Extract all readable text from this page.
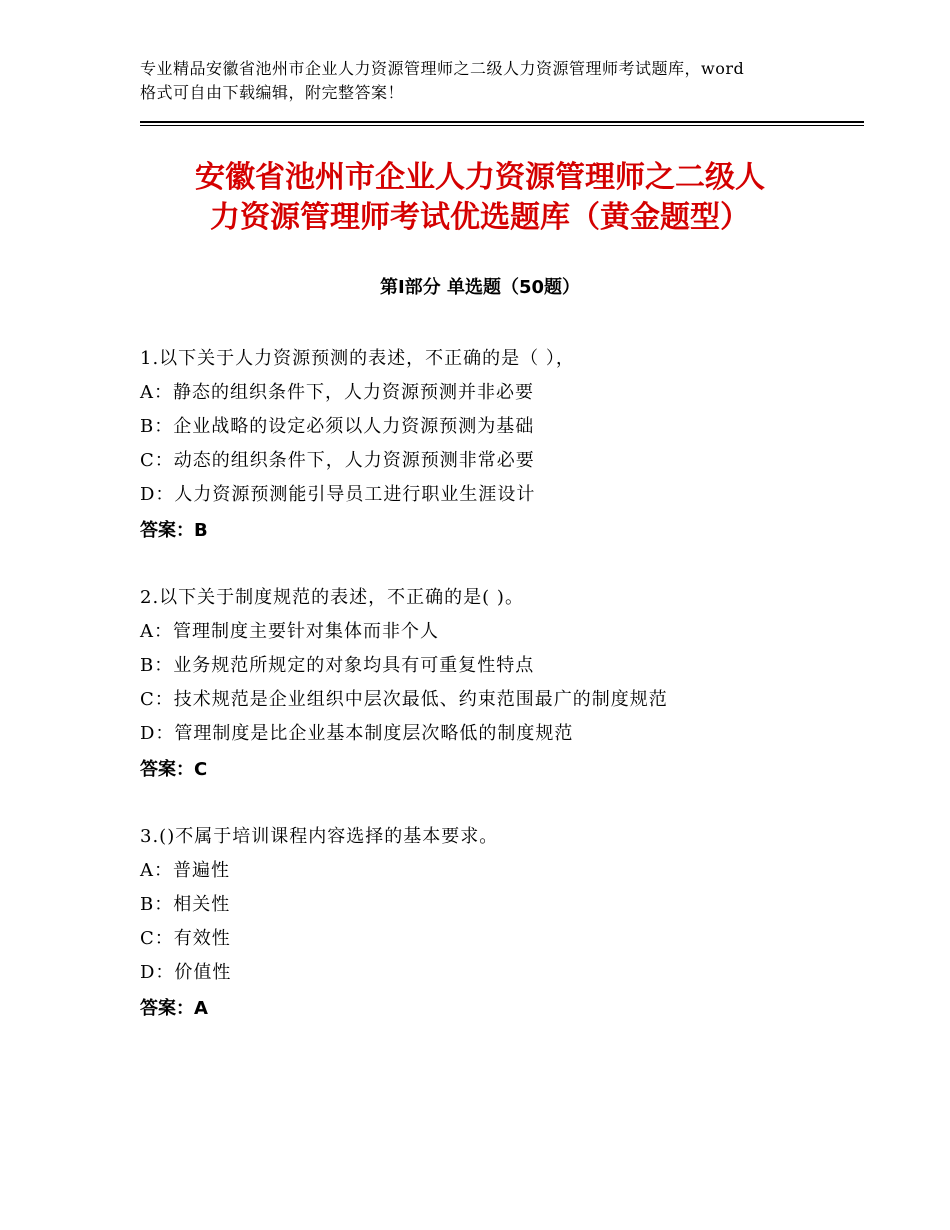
专业精品安徽省池州市企业人力资源管理师之二级人力资源管理师考试题库，word
格式可自由下载编辑，附完整答案！
安徽省池州市企业人力资源管理师之二级人
力资源管理师考试优选题库（黄金题型）
第Ⅰ部分 单选题（50题）
1.以下关于人力资源预测的表述，不正确的是（ ），
A：静态的组织条件下，人力资源预测并非必要
B：企业战略的设定必须以人力资源预测为基础
C：动态的组织条件下，人力资源预测非常必要
D：人力资源预测能引导员工进行职业生涯设计
答案：B
2.以下关于制度规范的表述，不正确的是( )。
A：管理制度主要针对集体而非个人
B：业务规范所规定的对象均具有可重复性特点
C：技术规范是企业组织中层次最低、约束范围最广的制度规范
D：管理制度是比企业基本制度层次略低的制度规范
答案：C
3.()不属于培训课程内容选择的基本要求。
A：普遍性
B：相关性
C：有效性
D：价值性
答案：A
